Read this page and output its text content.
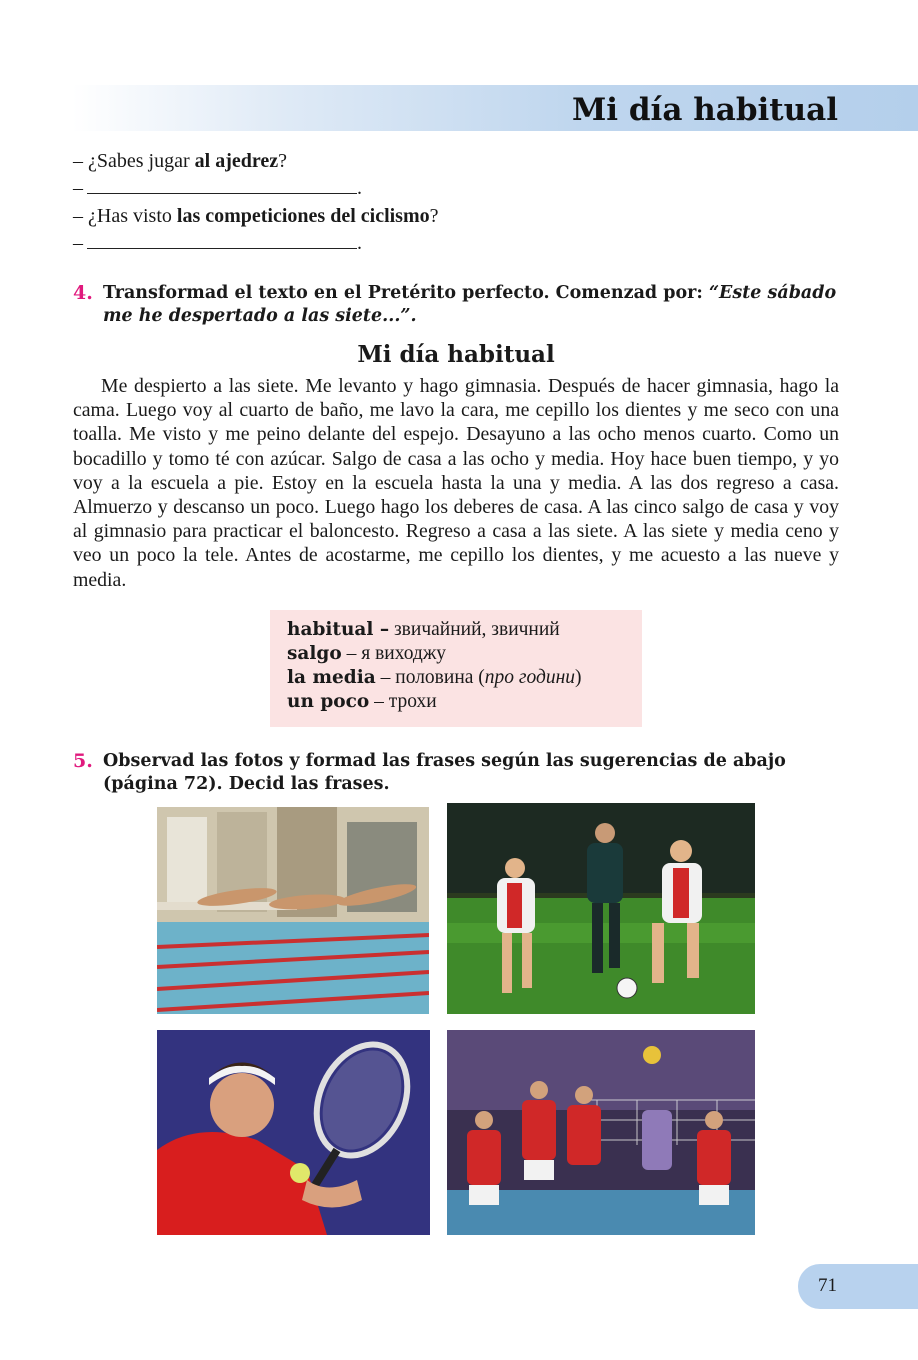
Mi día habitual
– ¿Sabes jugar al ajedrez?
–	.
– ¿Has visto las competiciones del ciclismo?
–	.
4. Transformad el texto en el Pretérito perfecto. Comenzad por: “Este sábado me he despertado a las siete...”.
Mi día habitual

Me despierto a las siete. Me levanto y hago gimnasia. Después de hacer gimnasia, hago la cama. Luego voy al cuarto de baño, me lavo la cara, me cepillo los dientes y me seco con una toalla. Me visto y me peino delante del espejo. Desayuno a las ocho menos cuarto. Como un bocadillo y tomo té con azúcar. Salgo de casa a las ocho y media. Hoy hace buen tiempo, y yo voy a la escuela a pie. Estoy en la escuela hasta la una y media. A las dos regreso a casa. Almuerzo y descanso un poco. Luego hago los deberes de casa. A las cinco salgo de casa y voy al gimnasio para practicar el baloncesto. Regreso a casa a las siete. A las siete y media ceno y veo un poco la tele. Antes de acostarme, me cepillo los dientes, y me acuesto a las nueve y media.

habitual – звичайний, звичний
salgo – я виходжу
la media – половина (про години)
un poco – трохи
5. Observad las fotos y formad las frases según las sugerencias de abajo (página 72). Decid las frases.
71
